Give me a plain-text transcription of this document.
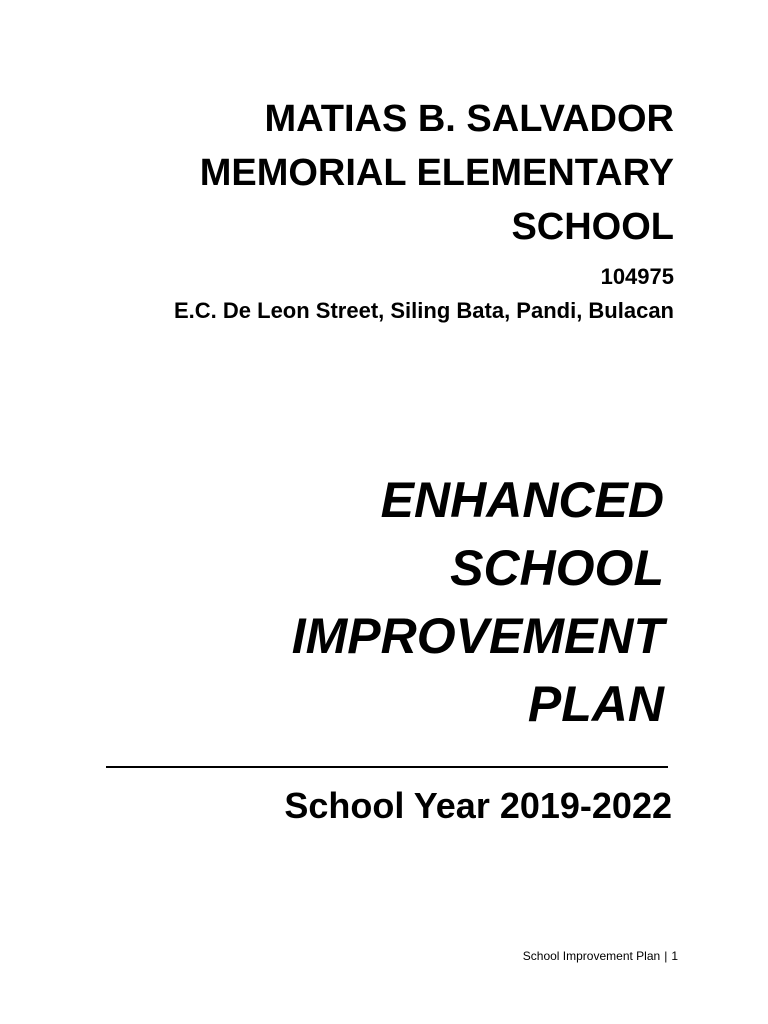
MATIAS B. SALVADOR
MEMORIAL ELEMENTARY
SCHOOL
104975
E.C. De Leon Street, Siling Bata, Pandi, Bulacan
ENHANCED
SCHOOL
IMPROVEMENT
PLAN
School Year 2019-2022
School Improvement Plan | 1
